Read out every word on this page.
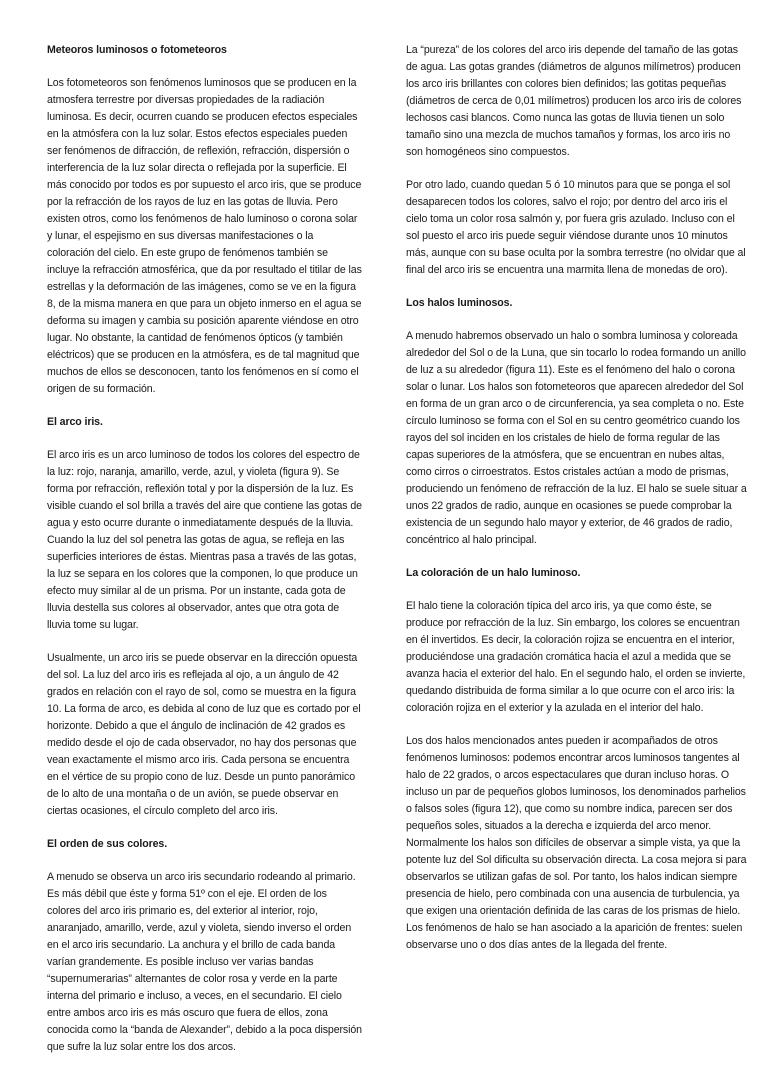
Meteoros luminosos o fotometeoros

Los fotometeoros son fenómenos luminosos que se producen en la atmosfera terrestre por diversas propiedades de la radiación luminosa. Es decir, ocurren cuando se producen efectos especiales en la atmósfera con la luz solar. Estos efectos especiales pueden ser fenómenos de difracción, de reflexión, refracción, dispersión o interferencia de la luz solar directa o reflejada por la superficie. El más conocido por todos es por supuesto el arco iris, que se produce por la refracción de los rayos de luz en las gotas de lluvia. Pero existen otros, como los fenómenos de halo luminoso o corona solar y lunar, el espejismo en sus diversas manifestaciones o la coloración del cielo. En este grupo de fenómenos también se incluye la refracción atmosférica, que da por resultado el titilar de las estrellas y la deformación de las imágenes, como se ve en la figura 8, de la misma manera en que para un objeto inmerso en el agua se deforma su imagen y cambia su posición aparente viéndose en otro lugar. No obstante, la cantidad de fenómenos ópticos (y también eléctricos) que se producen en la atmósfera, es de tal magnitud que muchos de ellos se desconocen, tanto los fenómenos en sí como el origen de su formación.

El arco iris.

El arco iris es un arco luminoso de todos los colores del espectro de la luz: rojo, naranja, amarillo, verde, azul, y violeta (figura 9). Se forma por refracción, reflexión total y por la dispersión de la luz. Es visible cuando el sol brilla a través del aire que contiene las gotas de agua y esto ocurre durante o inmediatamente después de la lluvia. Cuando la luz del sol penetra las gotas de agua, se refleja en las superficies interiores de éstas. Mientras pasa a través de las gotas, la luz se separa en los colores que la componen, lo que produce un efecto muy similar al de un prisma. Por un instante, cada gota de lluvia destella sus colores al observador, antes que otra gota de lluvia tome su lugar.

Usualmente, un arco iris se puede observar en la dirección opuesta del sol. La luz del arco iris es reflejada al ojo, a un ángulo de 42 grados en relación con el rayo de sol, como se muestra en la figura 10. La forma de arco, es debida al cono de luz que es cortado por el horizonte. Debido a que el ángulo de inclinación de 42 grados es medido desde el ojo de cada observador, no hay dos personas que vean exactamente el mismo arco iris. Cada persona se encuentra en el vértice de su propio cono de luz. Desde un punto panorámico de lo alto de una montaña o de un avión, se puede observar en ciertas ocasiones, el círculo completo del arco iris.

El orden de sus colores.

A menudo se observa un arco iris secundario rodeando al primario. Es más débil que éste y forma 51º con el eje. El orden de los colores del arco iris primario es, del exterior al interior, rojo, anaranjado, amarillo, verde, azul y violeta, siendo inverso el orden en el arco iris secundario. La anchura y el brillo de cada banda varían grandemente. Es posible incluso ver varias bandas “supernumerarias” alternantes de color rosa y verde en la parte interna del primario e incluso, a veces, en el secundario. El cielo entre ambos arco iris es más oscuro que fuera de ellos, zona conocida como la “banda de Alexander”, debido a la poca dispersión que sufre la luz solar entre los dos arcos.

La “pureza” de los colores del arco iris depende del tamaño de las gotas de agua. Las gotas grandes (diámetros de algunos milímetros) producen los arco iris brillantes con colores bien definidos; las gotitas pequeñas (diámetros de cerca de 0,01 milímetros) producen los arco iris de colores lechosos casi blancos. Como nunca las gotas de lluvia tienen un solo tamaño sino una mezcla de muchos tamaños y formas, los arco iris no son homogéneos sino compuestos.

Por otro lado, cuando quedan 5 ó 10 minutos para que se ponga el sol desaparecen todos los colores, salvo el rojo; por dentro del arco iris el cielo toma un color rosa salmón y, por fuera gris azulado. Incluso con el sol puesto el arco iris puede seguir viéndose durante unos 10 minutos más, aunque con su base oculta por la sombra terrestre (no olvidar que al final del arco iris se encuentra una marmita llena de monedas de oro).

Los halos luminosos.

A menudo habremos observado un halo o sombra luminosa y coloreada alrededor del Sol o de la Luna, que sin tocarlo lo rodea formando un anillo de luz a su alrededor (figura 11). Este es el fenómeno del halo o corona solar o lunar. Los halos son fotometeoros que aparecen alrededor del Sol en forma de un gran arco o de circunferencia, ya sea completa o no. Este círculo luminoso se forma con el Sol en su centro geométrico cuando los rayos del sol inciden en los cristales de hielo de forma regular de las capas superiores de la atmósfera, que se encuentran en nubes altas, como cirros o cirroestratos. Estos cristales actúan a modo de prismas, produciendo un fenómeno de refracción de la luz. El halo se suele situar a unos 22 grados de radio, aunque en ocasiones se puede comprobar la existencia de un segundo halo mayor y exterior, de 46 grados de radio, concéntrico al halo principal.

La coloración de un halo luminoso.

El halo tiene la coloración típica del arco iris, ya que como éste, se produce por refracción de la luz. Sin embargo, los colores se encuentran en él invertidos. Es decir, la coloración rojiza se encuentra en el interior, produciéndose una gradación cromática hacia el azul a medida que se avanza hacia el exterior del halo. En el segundo halo, el orden se invierte, quedando distribuida de forma similar a lo que ocurre con el arco iris: la coloración rojiza en el exterior y la azulada en el interior del halo.

Los dos halos mencionados antes pueden ir acompañados de otros fenómenos luminosos: podemos encontrar arcos luminosos tangentes al halo de 22 grados, o arcos espectaculares que duran incluso horas. O incluso un par de pequeños globos luminosos, los denominados parhelios o falsos soles (figura 12), que como su nombre indica, parecen ser dos pequeños soles, situados a la derecha e izquierda del arco menor. Normalmente los halos son difíciles de observar a simple vista, ya que la potente luz del Sol dificulta su observación directa. La cosa mejora si para observarlos se utilizan gafas de sol. Por tanto, los halos indican siempre presencia de hielo, pero combinada con una ausencia de turbulencia, ya que exigen una orientación definida de las caras de los prismas de hielo. Los fenómenos de halo se han asociado a la aparición de frentes: suelen observarse uno o dos días antes de la llegada del frente.
